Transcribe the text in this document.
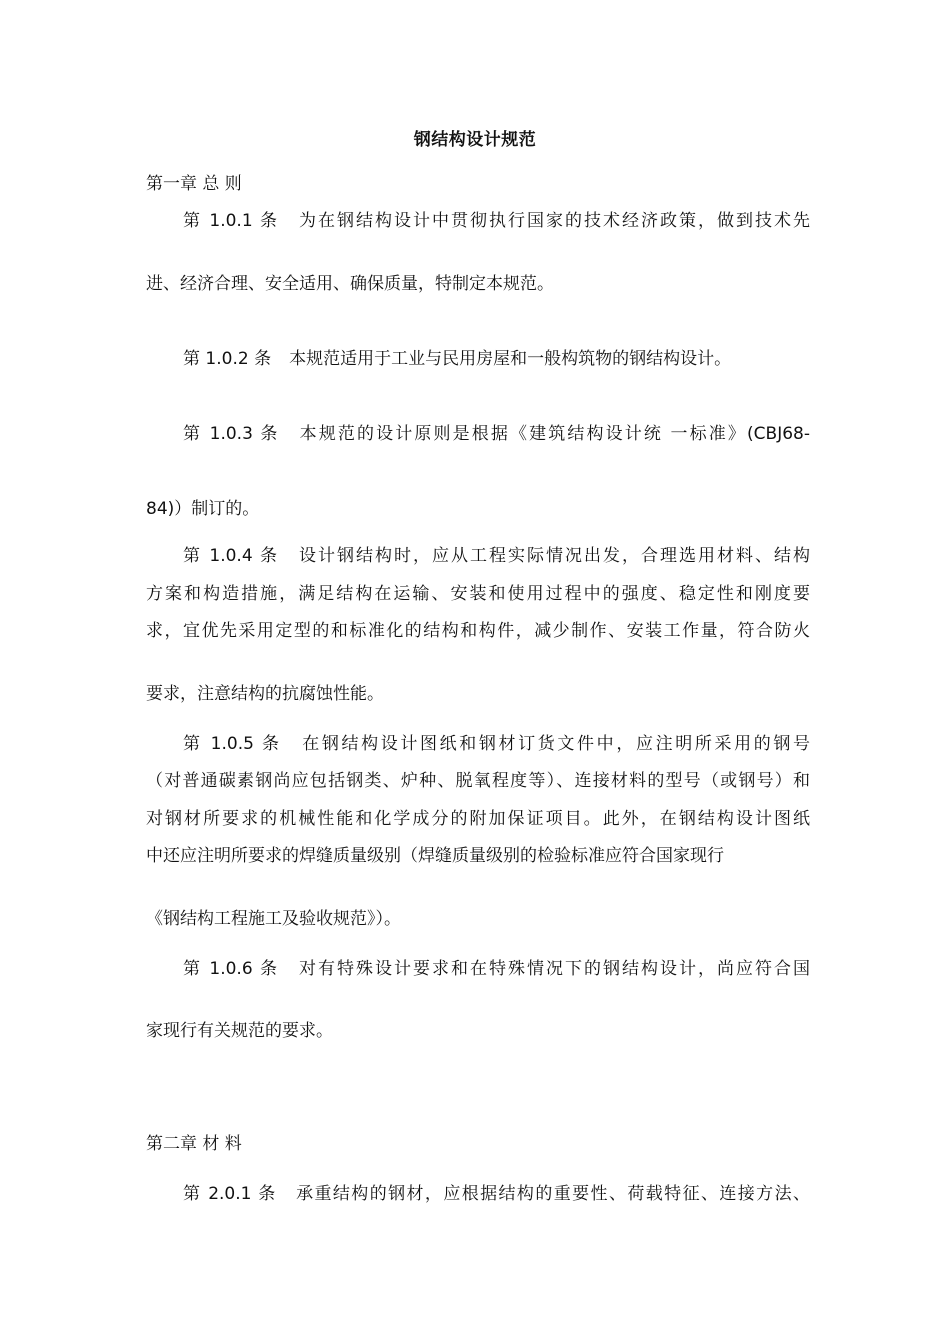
钢结构设计规范
第一章 总 则
第 1.0.1 条 为在钢结构设计中贯彻执行国家的技术经济政策，做到技术先
进、经济合理、安全适用、确保质量，特制定本规范。
第 1.0.2 条 本规范适用于工业与民用房屋和一般构筑物的钢结构设计。
第 1.0.3 条 本规范的设计原则是根据《建筑结构设计统 一标准》(CBJ68-
84)）制订的。
第 1.0.4 条 设计钢结构时，应从工程实际情况出发，合理选用材料、结构
方案和构造措施，满足结构在运输、安装和使用过程中的强度、稳定性和刚度要
求，宜优先采用定型的和标准化的结构和构件，减少制作、安装工作量，符合防火
要求，注意结构的抗腐蚀性能。
第 1.0.5 条 在钢结构设计图纸和钢材订货文件中，应注明所采用的钢号
（对普通碳素钢尚应包括钢类、炉种、脱氧程度等）、连接材料的型号（或钢号）和
对钢材所要求的机械性能和化学成分的附加保证项目。此外，在钢结构设计图纸
中还应注明所要求的焊缝质量级别（焊缝质量级别的检验标准应符合国家现行
《钢结构工程施工及验收规范》）。
第 1.0.6 条 对有特殊设计要求和在特殊情况下的钢结构设计，尚应符合国
家现行有关规范的要求。
第二章 材 料
第 2.0.1 条 承重结构的钢材，应根据结构的重要性、荷载特征、连接方法、
